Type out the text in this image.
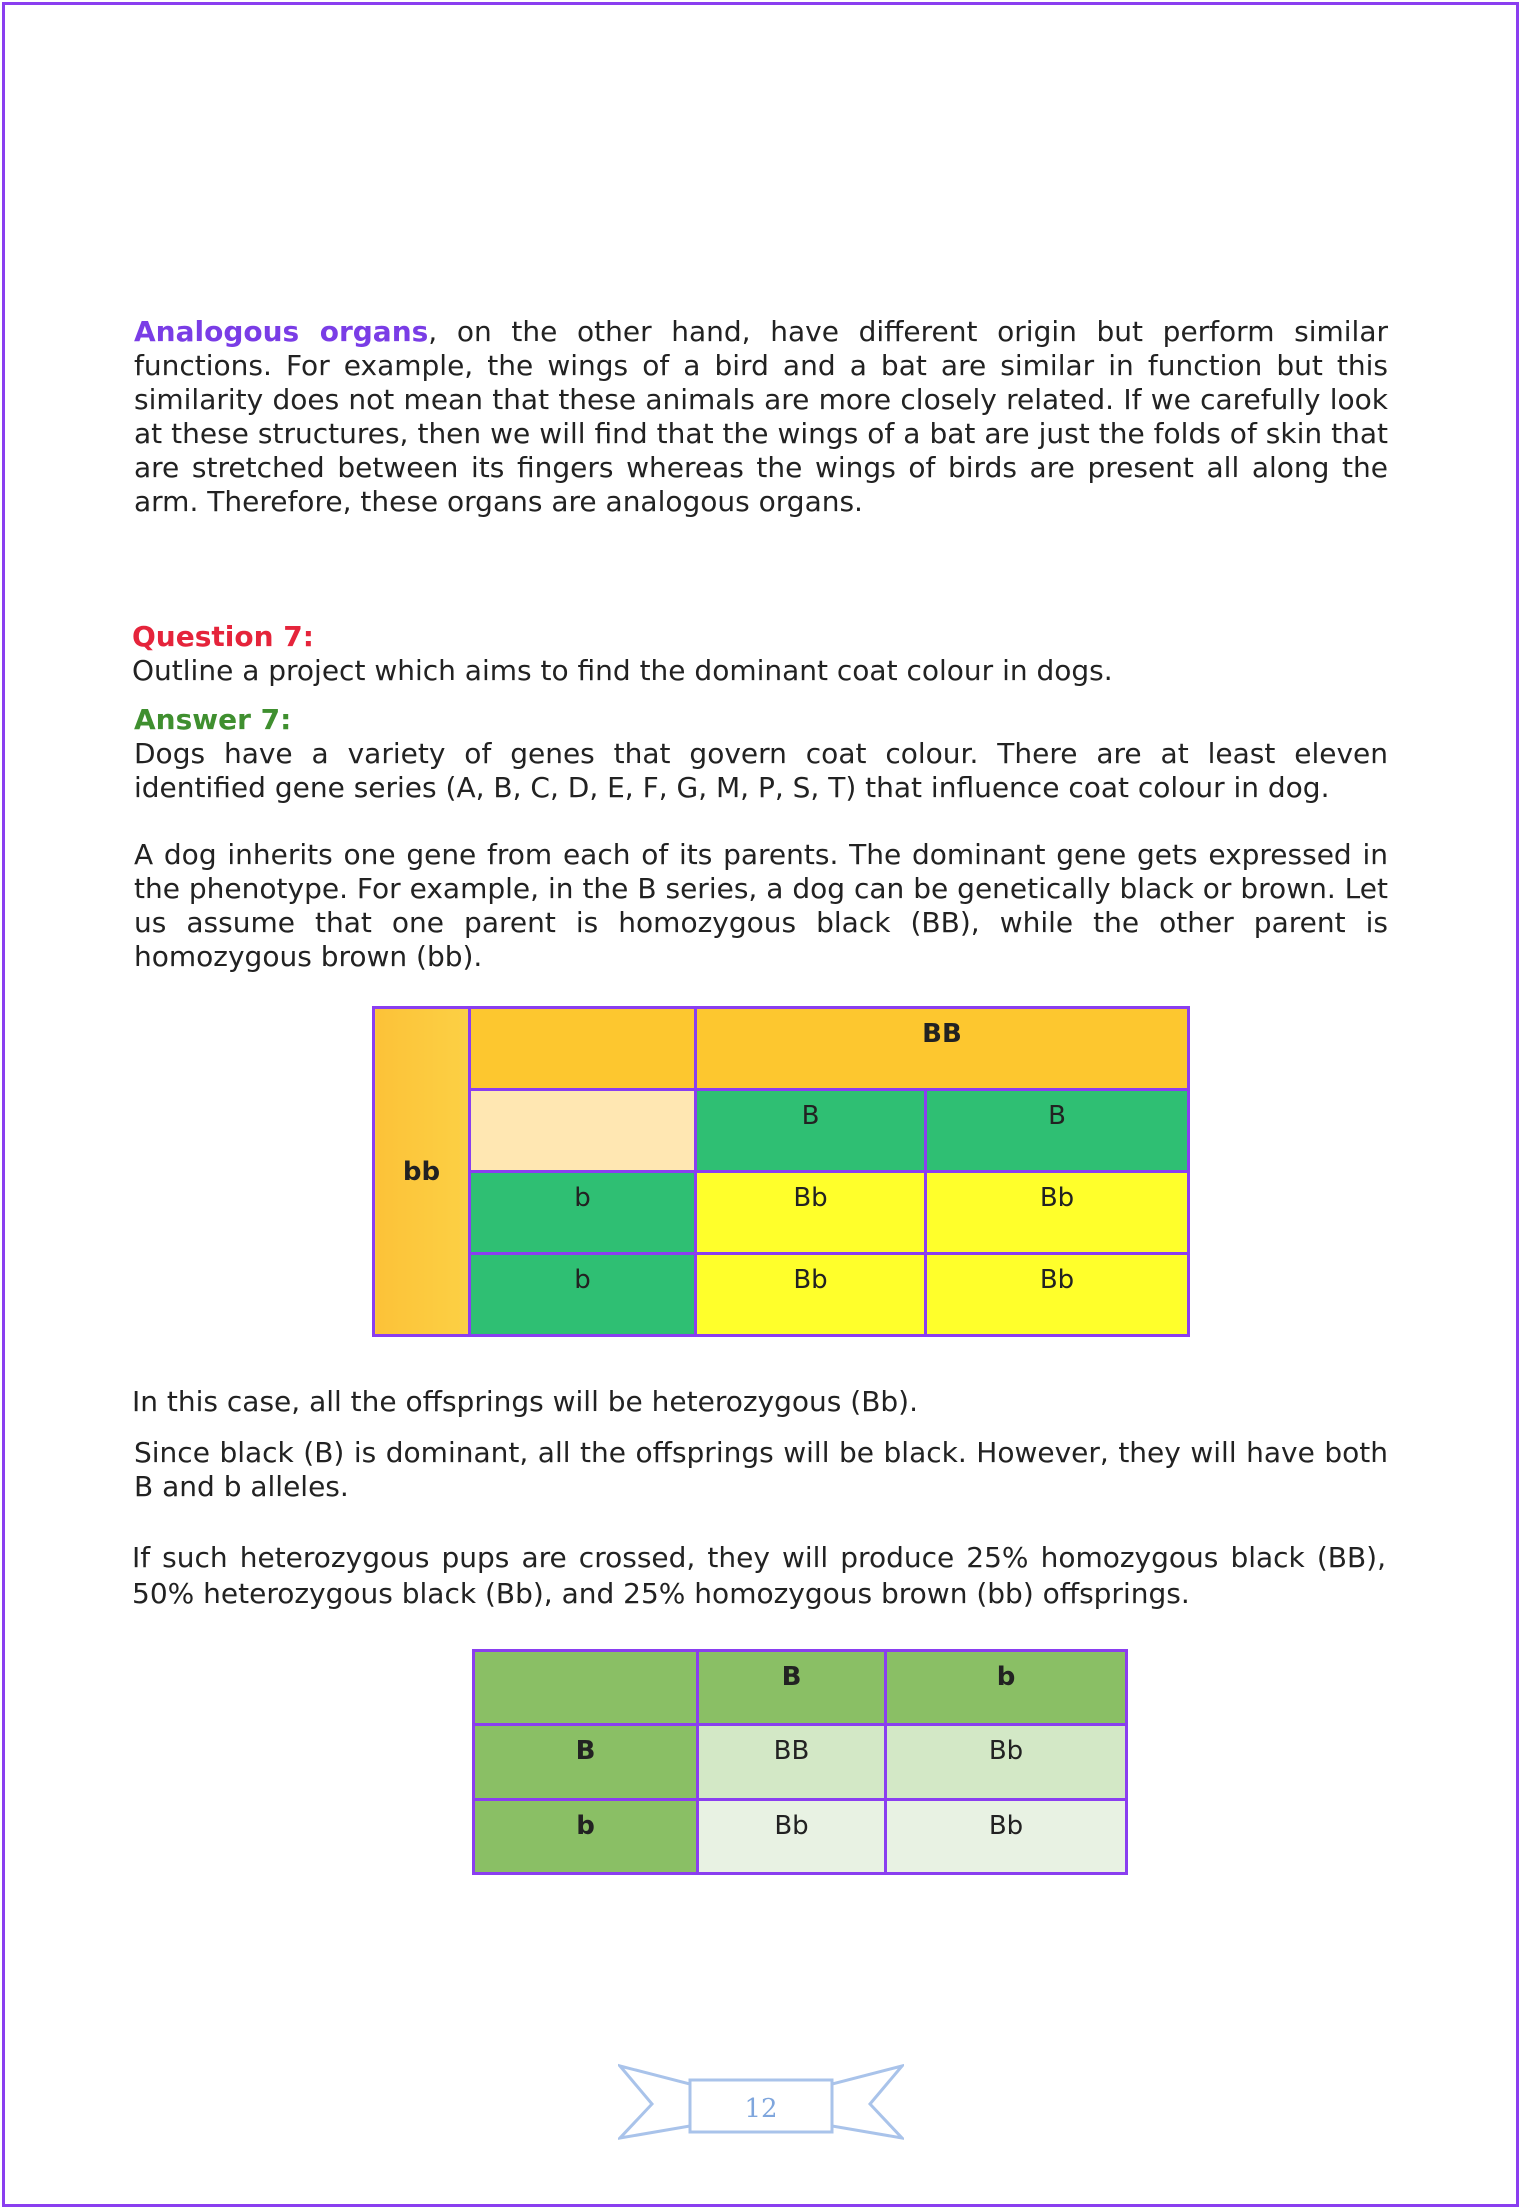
Analogous organs, on the other hand, have different origin but perform similar functions. For example, the wings of a bird and a bat are similar in function but this similarity does not mean that these animals are more closely related. If we carefully look at these structures, then we will find that the wings of a bat are just the folds of skin that are stretched between its fingers whereas the wings of birds are present all along the arm. Therefore, these organs are analogous organs.

Question 7:
Outline a project which aims to find the dominant coat colour in dogs.
Answer 7:

Dogs have a variety of genes that govern coat colour. There are at least eleven identified gene series (A, B, C, D, E, F, G, M, P, S, T) that influence coat colour in dog.

A dog inherits one gene from each of its parents. The dominant gene gets expressed in the phenotype. For example, in the B series, a dog can be genetically black or brown. Let us assume that one parent is homozygous black (BB), while the other parent is homozygous brown (bb).

bb		BB	
		B	B
	b	Bb	Bb
	b	Bb	Bb

In this case, all the offsprings will be heterozygous (Bb).

Since black (B) is dominant, all the offsprings will be black. However, they will have both B and b alleles.

If such heterozygous pups are crossed, they will produce 25% homozygous black (BB), 50% heterozygous black (Bb), and 25% homozygous brown (bb) offsprings.

	B	b
B	BB	Bb
b	Bb	Bb
12
